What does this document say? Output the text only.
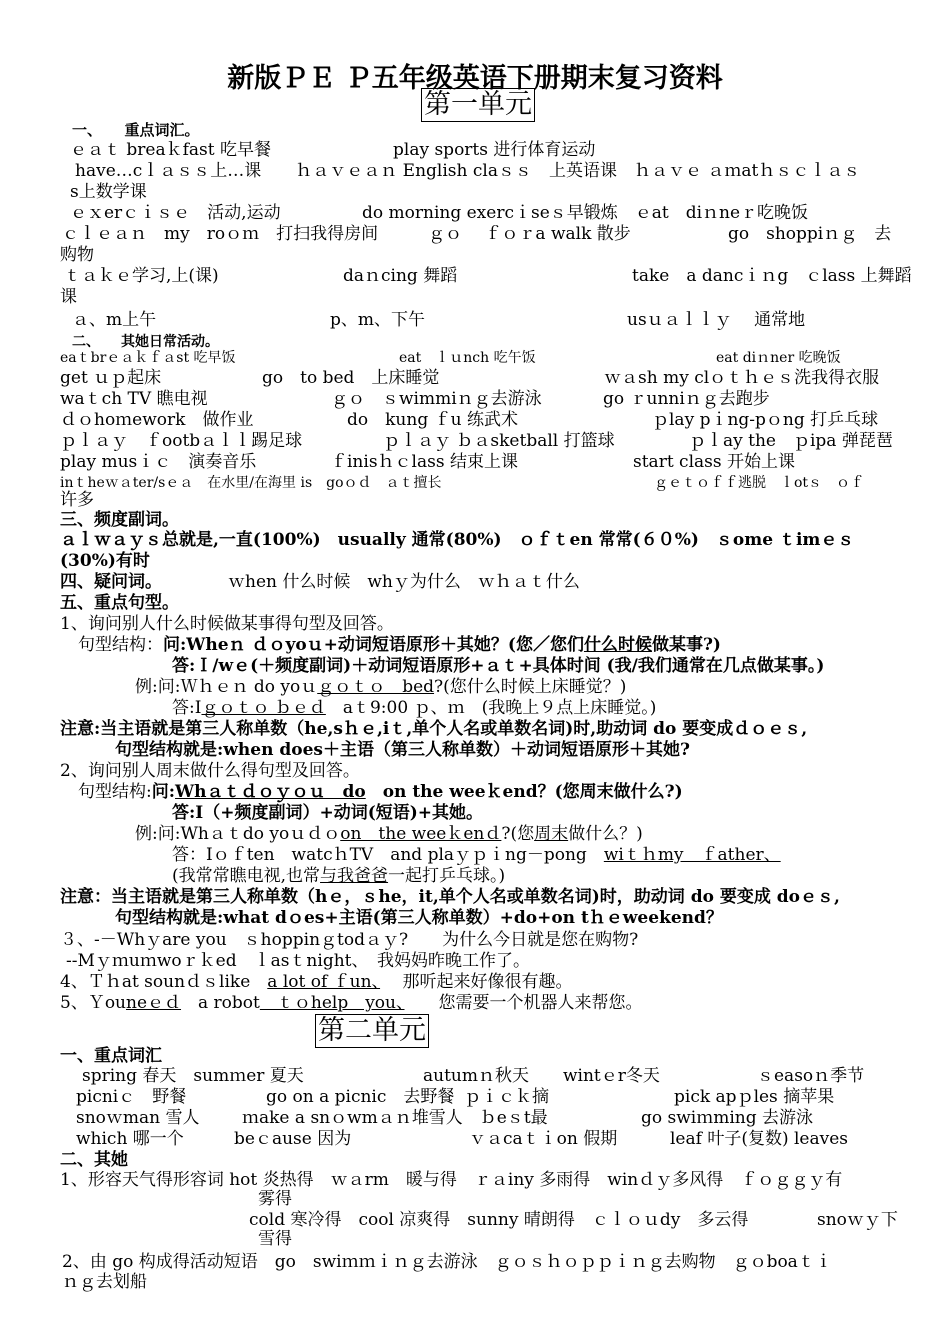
新版ＰＥ Ｐ五年级英语下册期末复习资料
第一单元
一、　　重点词汇。
ｅａｔ breaｋfast 吃早餐	play sports 进行体育运动
have…cｌａｓｓ上…课　　ｈａｖｅａｎ English claｓｓ　上英语课　ｈａｖｅ ａｍatｈｓｃｌａｓ
s上数学课
ｅｘerｃｉｓｅ　活动,运动	do morning exercｉseｓ早锻炼　ｅat　diｎneｒ吃晚饭
ｃｌｅａｎ　my　roｏｍ　打扫我得房间	ｇｏ　 ｆｏｒa walk 散步	go　shoppiｎｇ　去
购物
ｔａｋｅ学习,上(课)	daｎcing 舞蹈	take　a dancｉｎg　ｃlass 上舞蹈
课
ａ、m上午	p、m、下午	usｕａｌｌｙ　 通常地
二、　　其她日常活动。
eaｔbrｅａｋｆａst 吃早饭	eat　ｌｕnch 吃午饭	eat diｎner 吃晚饭
get ｕｐ起床	go　to bed　上床睡觉	ｗａsh my clｏｔｈｅｓ洗我得衣服
waｔch TV 瞧电视	ｇｏ　ｓwimmiｎｇ去游泳	go ｒunniｎｇ去跑步
ｄｏhoｍework　做作业	do　kung ｆu 练武术	ｐlay pｉng-pｏng 打乒乓球
ｐｌａｙ　ｆootbａｌｌ踢足球	ｐｌａｙ ｂａsketball 打篮球	ｐｌay the　ｐipa 弹琵琶
play musｉｃ　演奏音乐	ｆinisｈｃlass 结束上课	start class 开始上课
inｔheｗａter/sｅａ　在水里/在海里 is　goｏｄ　ａｔ擅长	ｇｅｔｏｆｆ逃脱　ｌotｓ　ｏｆ
许多
三、频度副词。
ａｌｗａｙｓ总就是,一直(100%)　usually 通常(80%)　ｏｆｔen 常常(６０%)　ｓome ｔimｅｓ
(30%)有时
四、疑问词。	ｗhen 什么时候　whｙ为什么　ｗｈａｔ什么
五、重点句型。
1、询问别人什么时候做某事得句型及回答。
句型结构：问:Wheｎ ｄｏyoｕ+动词短语原形＋其她？(您／您们什么时候做某事?)
答:Ｉ/wｅ(＋频度副词)＋动词短语原形+ａｔ+具体时间 (我/我们通常在几点做某事。)
例:问:Ｗｈｅｎ do yoｕｇｏｔｏ　bed?(您什么时候上床睡觉？)
答:Iｇｏｔｏ ｂｅｄ　aｔ9:00 ｐ、ｍ　(我晚上９点上床睡觉。)
注意:当主语就是第三人称单数（he,sｈｅ,iｔ,单个人名或单数名词)时,助动词 do 要变成ｄｏｅｓ,
句型结构就是:when does＋主语（第三人称单数）＋动词短语原形＋其她?
2、询问别人周末做什么得句型及回答。
句型结构:问:Whａｔｄｏｙｏｕ　do　on the weeｋend？(您周末做什么?)
答:I（+频度副词）+动词(短语)+其她。
例:问:Whａｔdo yoｕｄｏon　the weeｋenｄ?(您周末做什么？)
答：Iｏｆten　watcｈTV　and plaｙｐｉng－pong　 wiｔｈmy　ｆather、
(我常常瞧电视,也常与我爸爸一起打乒乓球。)
注意：当主语就是第三人称单数（hｅ，ｓhe，it,单个人名或单数名词)时，助动词 do 要变成 doｅｓ,
句型结构就是:what dｏes+主语(第三人称单数）+do+on tｈｅweekend？
３、-－Whｙare you　ｓhoppinｇtodａｙ?　　为什么今日就是您在购物?
--Mｙｍuｍwoｒｋed　ｌasｔnight、　我妈妈昨晚工作了。
4、Ｔｈat sounｄｓlike　a lot of ｆun、　 那听起来好像很有趣。
5、Ｙouneｅｄ　a robot　ｔｏhelp　you、　　您需要一个机器人来帮您。
第二单元
一、重点词汇
spring 春天　sumｍer 夏天	autumｎ秋天　　wintｅr冬天	ｓeasoｎ季节
picniｃ　野餐	go on a picnic　去野餐 ｐｉｃｋ摘	pick apｐles 摘苹果
snoｗman 雪人 ｍake a snｏwmａｎ堆雪人　ｂeｓt最	go swiｍming 去游泳
which 哪一个	beｃause 因为	ｖａcaｔｉon 假期	leaf 叶子(复数) leaves
二、其她
1、形容天气得形容词 hot 炎热得　ｗａrm　暖与得　ｒａiny 多雨得　winｄｙ多风得　ｆｏｇｇｙ有
雾得
cold 寒冷得　cool 凉爽得　sunny 晴朗得　ｃｌｏｕdy　多云得	snoｗｙ下
雪得
2、由 go 构成得活动短语　go　swiｍｍｉｎｇ去游泳　ｇｏｓｈｏｐｐｉｎｇ去购物　ｇｏboaｔｉ
ｎｇ去划船
